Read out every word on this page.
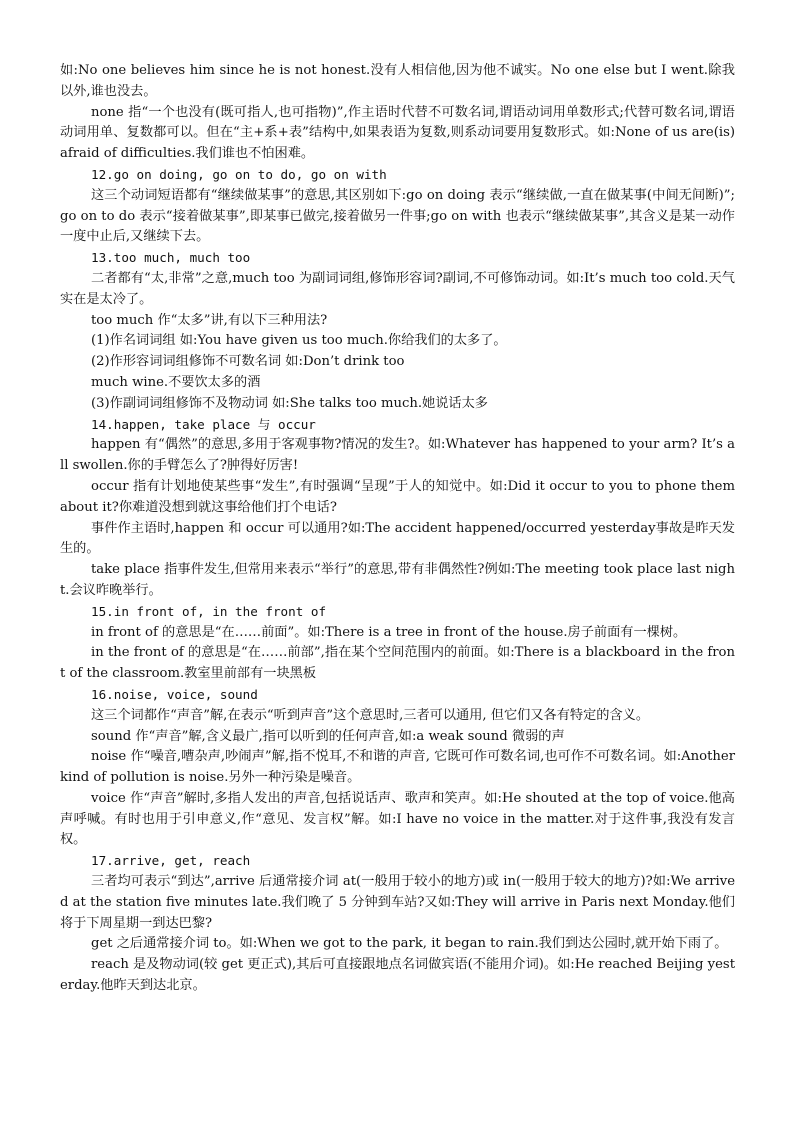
如:No one believes him since he is not honest.没有人相信他,因为他不诚实。No one else but I went.除我以外,谁也没去。

none 指“一个也没有(既可指人,也可指物)”,作主语时代替不可数名词,谓语动词用单数形式;代替可数名词,谓语动词用单、复数都可以。但在“主+系+表”结构中,如果表语为复数,则系动词要用复数形式。如:None of us are(is) afraid of difficulties.我们谁也不怕困难。

12.go on doing, go on to do, go on with

这三个动词短语都有“继续做某事”的意思,其区别如下:go on doing 表示“继续做,一直在做某事(中间无间断)”;go on to do 表示“接着做某事”,即某事已做完,接着做另一件事;go on with 也表示“继续做某事”,其含义是某一动作一度中止后,又继续下去。

13.too much, much too

二者都有“太,非常”之意,much too 为副词词组,修饰形容词?副词,不可修饰动词。如:It’s much too cold.天气实在是太冷了。

too much 作“太多”讲,有以下三种用法?

(1)作名词词组 如:You have given us too much.你给我们的太多了。

(2)作形容词词组修饰不可数名词 如:Don’t drink too

much wine.不要饮太多的酒

(3)作副词词组修饰不及物动词 如:She talks too much.她说话太多

14.happen, take place 与 occur

happen 有“偶然”的意思,多用于客观事物?情况的发生?。如:Whatever has happened to your arm? It’s all swollen.你的手臂怎么了?肿得好厉害!

occur 指有计划地使某些事“发生”,有时强调“呈现”于人的知觉中。如:Did it occur to you to phone them about it?你难道没想到就这事给他们打个电话?

事件作主语时,happen 和 occur 可以通用?如:The accident happened/occurred yesterday事故是昨天发生的。

take place 指事件发生,但常用来表示“举行”的意思,带有非偶然性?例如:The meeting took place last night.会议昨晚举行。

15.in front of, in the front of

in front of 的意思是“在……前面”。如:There is a tree in front of the house.房子前面有一棵树。

in the front of 的意思是“在……前部”,指在某个空间范围内的前面。如:There is a blackboard in the front of the classroom.教室里前部有一块黑板

16.noise, voice, sound

这三个词都作“声音”解,在表示“听到声音”这个意思时,三者可以通用, 但它们又各有特定的含义。

sound 作“声音”解,含义最广,指可以听到的任何声音,如:a weak sound 微弱的声

noise 作“噪音,嘈杂声,吵闹声”解,指不悦耳,不和谐的声音, 它既可作可数名词,也可作不可数名词。如:Another kind of pollution is noise.另外一种污染是噪音。

voice 作“声音”解时,多指人发出的声音,包括说话声、歌声和笑声。如:He shouted at the top of voice.他高声呼喊。有时也用于引申意义,作“意见、发言权”解。如:I have no voice in the matter.对于这件事,我没有发言权。

17.arrive, get, reach

三者均可表示“到达”,arrive 后通常接介词 at(一般用于较小的地方)或 in(一般用于较大的地方)?如:We arrived at the station five minutes late.我们晚了 5 分钟到车站?又如:They will arrive in Paris next Monday.他们将于下周星期一到达巴黎?

get 之后通常接介词 to。如:When we got to the park, it began to rain.我们到达公园时,就开始下雨了。

reach 是及物动词(较 get 更正式),其后可直接跟地点名词做宾语(不能用介词)。如:He reached Beijing yesterday.他昨天到达北京。
